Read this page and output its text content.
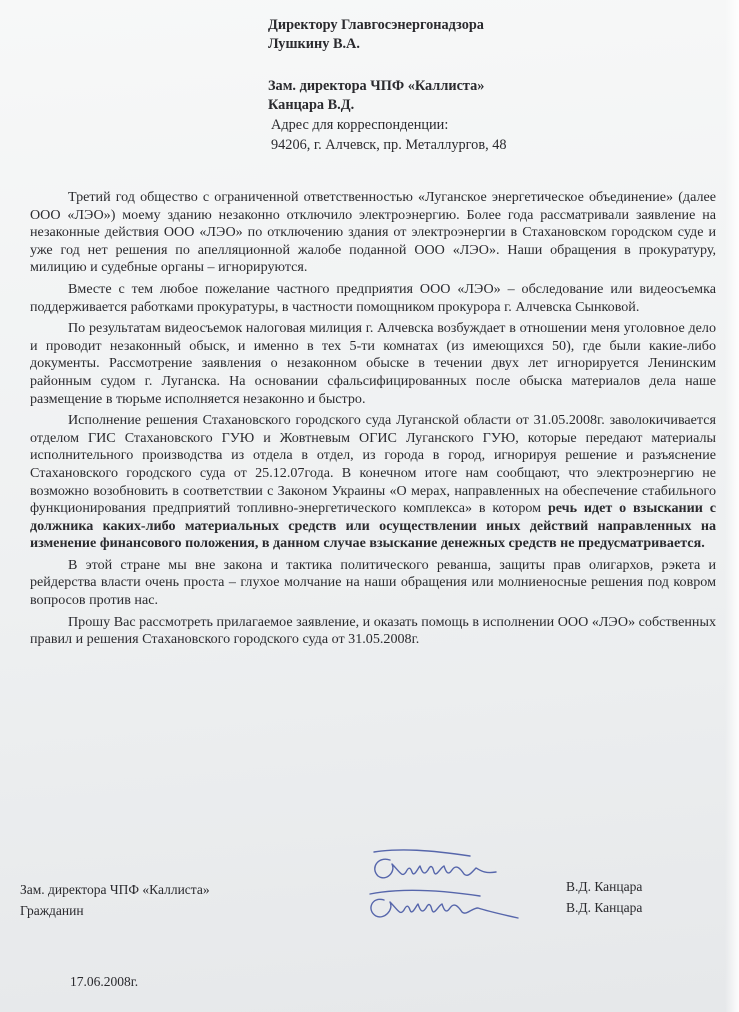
Директору Главгосэнергонадзора
Лушкину В.А.
Зам. директора ЧПФ «Каллиста»
Канцара В.Д.
Адрес для корреспонденции:
94206, г. Алчевск, пр. Металлургов, 48

Третий год общество с ограниченной ответственностью «Луганское энергетическое объединение» (далее ООО «ЛЭО») моему зданию незаконно отключило электроэнергию. Более года рассматривали заявление на незаконные действия ООО «ЛЭО» по отключению здания от электроэнергии в Стахановском городском суде и уже год нет решения по апелляционной жалобе поданной ООО «ЛЭО». Наши обращения в прокуратуру, милицию и судебные органы – игнорируются.

Вместе с тем любое пожелание частного предприятия ООО «ЛЭО» – обследование или видеосъемка поддерживается работками прокуратуры, в частности помощником прокурора г. Алчевска Сынковой.

По результатам видеосъемок налоговая милиция г. Алчевска возбуждает в отношении меня уголовное дело и проводит незаконный обыск, и именно в тех 5-ти комнатах (из имеющихся 50), где были какие-либо документы. Рассмотрение заявления о незаконном обыске в течении двух лет игнорируется Ленинским районным судом г. Луганска. На основании сфальсифицированных после обыска материалов дела наше размещение в тюрьме исполняется незаконно и быстро.

Исполнение решения Стахановского городского суда Луганской области от 31.05.2008г. заволокичивается отделом ГИС Стахановского ГУЮ и Жовтневым ОГИС Луганского ГУЮ, которые передают материалы исполнительного производства из отдела в отдел, из города в город, игнорируя решение и разъяснение Стахановского городского суда от 25.12.07года. В конечном итоге нам сообщают, что электроэнергию не возможно возобновить в соответствии с Законом Украины «О мерах, направленных на обеспечение стабильного функционирования предприятий топливно-энергетического комплекса» в котором речь идет о взыскании с должника каких-либо материальных средств или осуществлении иных действий направленных на изменение финансового положения, в данном случае взыскание денежных средств не предусматривается.

В этой стране мы вне закона и тактика политического реванша, защиты прав олигархов, рэкета и рейдерства власти очень проста – глухое молчание на наши обращения или молниеносные решения под ковром вопросов против нас.

Прошу Вас рассмотреть прилагаемое заявление, и оказать помощь в исполнении ООО «ЛЭО» собственных правил и решения Стахановского городского суда от 31.05.2008г.

Зам. директора ЧПФ «Каллиста»
Гражданин
В.Д. Канцара
В.Д. Канцара
17.06.2008г.
